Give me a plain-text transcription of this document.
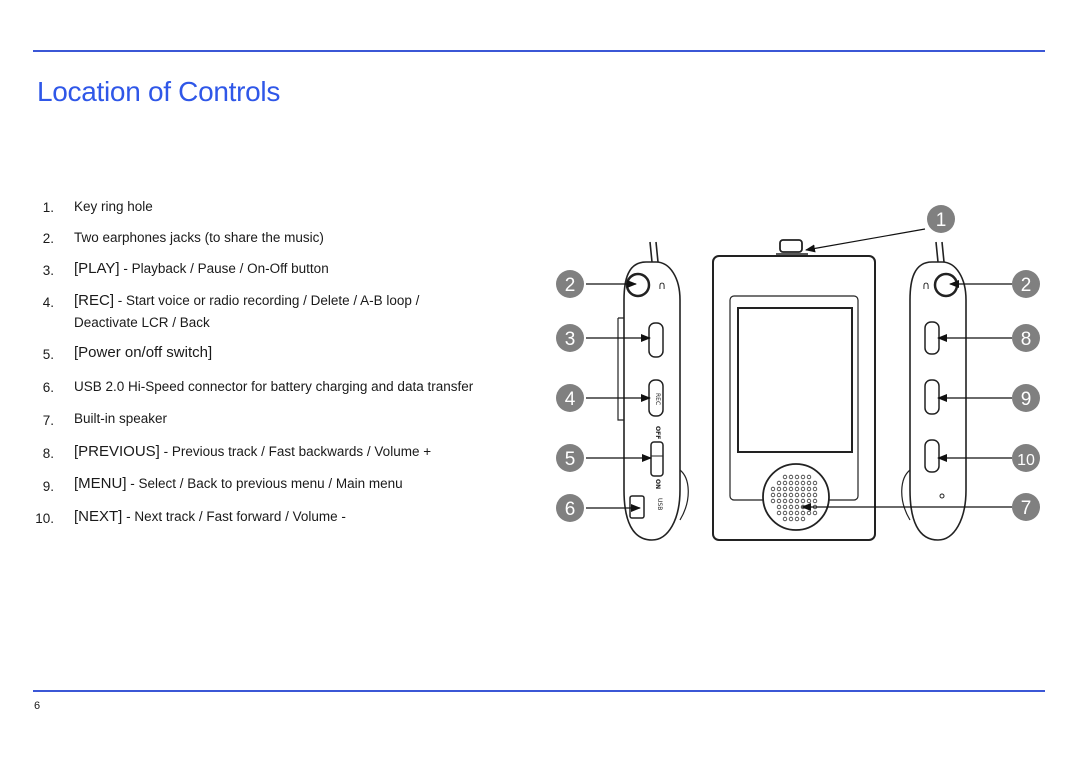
Location of Controls
1. Key ring hole
2. Two earphones jacks (to share the music)
3. [PLAY] - Playback / Pause / On-Off button
4. [REC] - Start voice or radio recording / Delete / A-B loop /
Deactivate LCR / Back
5. [Power on/off switch]
6. USB 2.0 Hi-Speed connector for battery charging and data transfer
7. Built-in speaker
8. [PREVIOUS] - Previous track / Fast backwards / Volume +
9. [MENU] - Select / Back to previous menu / Main menu
10. [NEXT] - Next track / Fast forward / Volume -
∩
REC
OFF
ON
USB
∩
1
2
3
4
5
6
2
8
9
10
7
6
